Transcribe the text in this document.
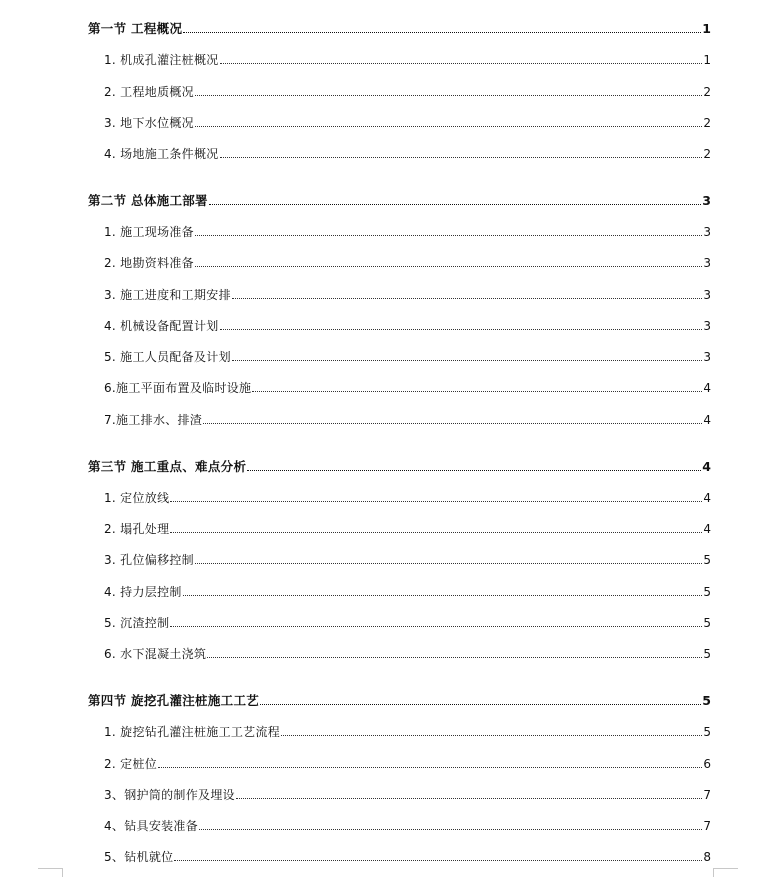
第一节 工程概况	1
1. 机成孔灌注桩概况	1
2. 工程地质概况	2
3. 地下水位概况	2
4. 场地施工条件概况	2
第二节 总体施工部署	3
1. 施工现场准备	3
2. 地勘资料准备	3
3. 施工进度和工期安排	3
4. 机械设备配置计划	3
5. 施工人员配备及计划	3
6.施工平面布置及临时设施	4
7.施工排水、排渣	4
第三节 施工重点、难点分析	4
1. 定位放线	4
2. 塌孔处理	4
3. 孔位偏移控制	5
4. 持力层控制	5
5. 沉渣控制	5
6. 水下混凝土浇筑	5
第四节 旋挖孔灌注桩施工工艺	5
1. 旋挖钻孔灌注桩施工工艺流程	5
2. 定桩位	6
3、钢护筒的制作及埋设	7
4、钻具安装准备	7
5、钻机就位	8
